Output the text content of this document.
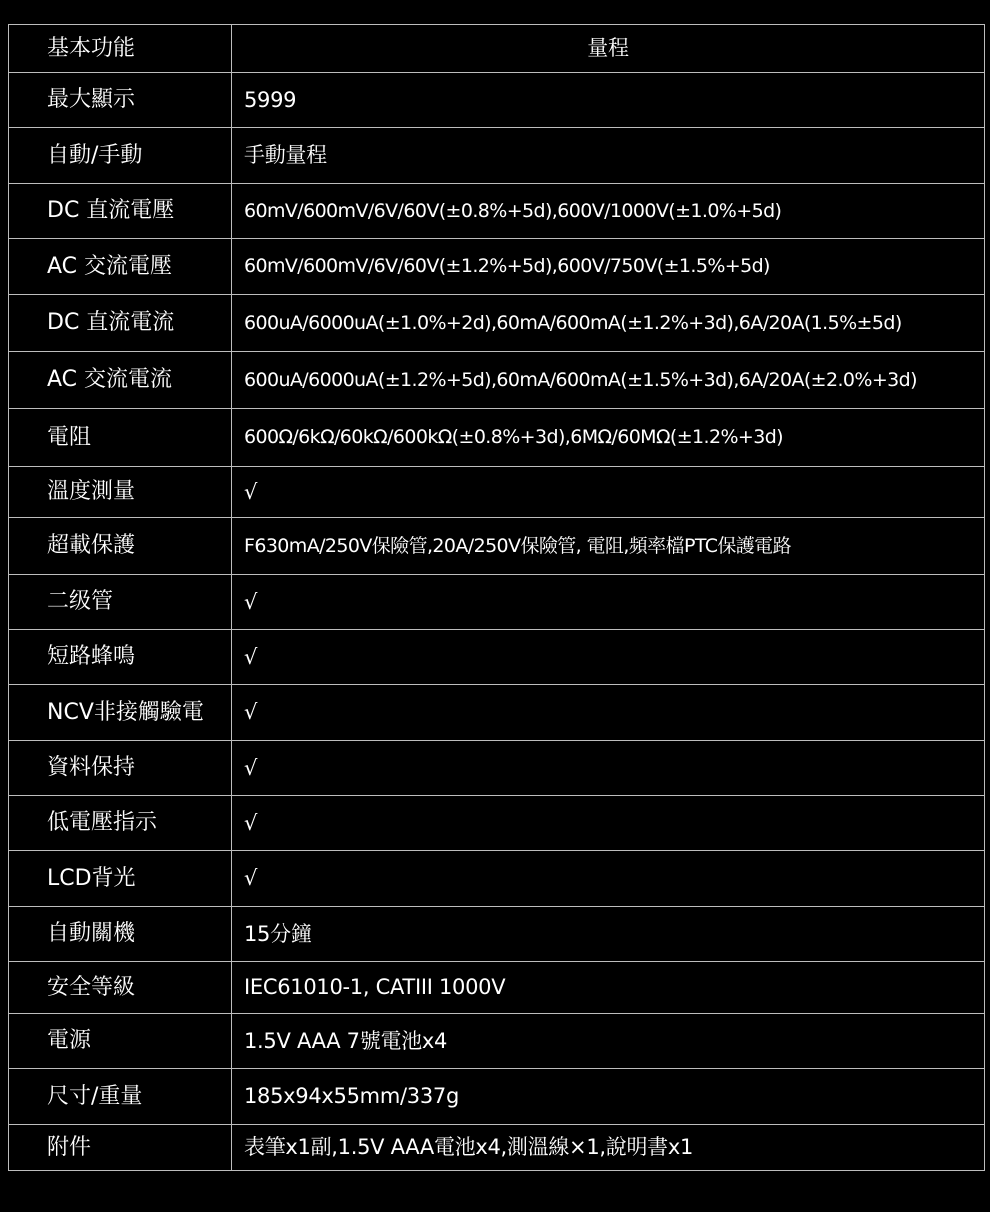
基本功能	量程
最大顯示	5999
自動/手動	手動量程
DC 直流電壓	60mV/600mV/6V/60V(±0.8%+5d),600V/1000V(±1.0%+5d)
AC 交流電壓	60mV/600mV/6V/60V(±1.2%+5d),600V/750V(±1.5%+5d)
DC 直流電流	600uA/6000uA(±1.0%+2d),60mA/600mA(±1.2%+3d),6A/20A(1.5%±5d)
AC 交流電流	600uA/6000uA(±1.2%+5d),60mA/600mA(±1.5%+3d),6A/20A(±2.0%+3d)
電阻	600Ω/6kΩ/60kΩ/600kΩ(±0.8%+3d),6MΩ/60MΩ(±1.2%+3d)
溫度測量	√
超載保護	F630mA/250V保險管,20A/250V保險管, 電阻,頻率檔PTC保護電路
二级管	√
短路蜂鳴	√
NCV非接觸驗電	√
資料保持	√
低電壓指示	√
LCD背光	√
自動關機	15分鐘
安全等級	IEC61010-1, CATIII 1000V
電源	1.5V AAA 7號電池x4
尺寸/重量	185x94x55mm/337g
附件	表筆x1副,1.5V AAA電池x4,測溫線×1,說明書x1
